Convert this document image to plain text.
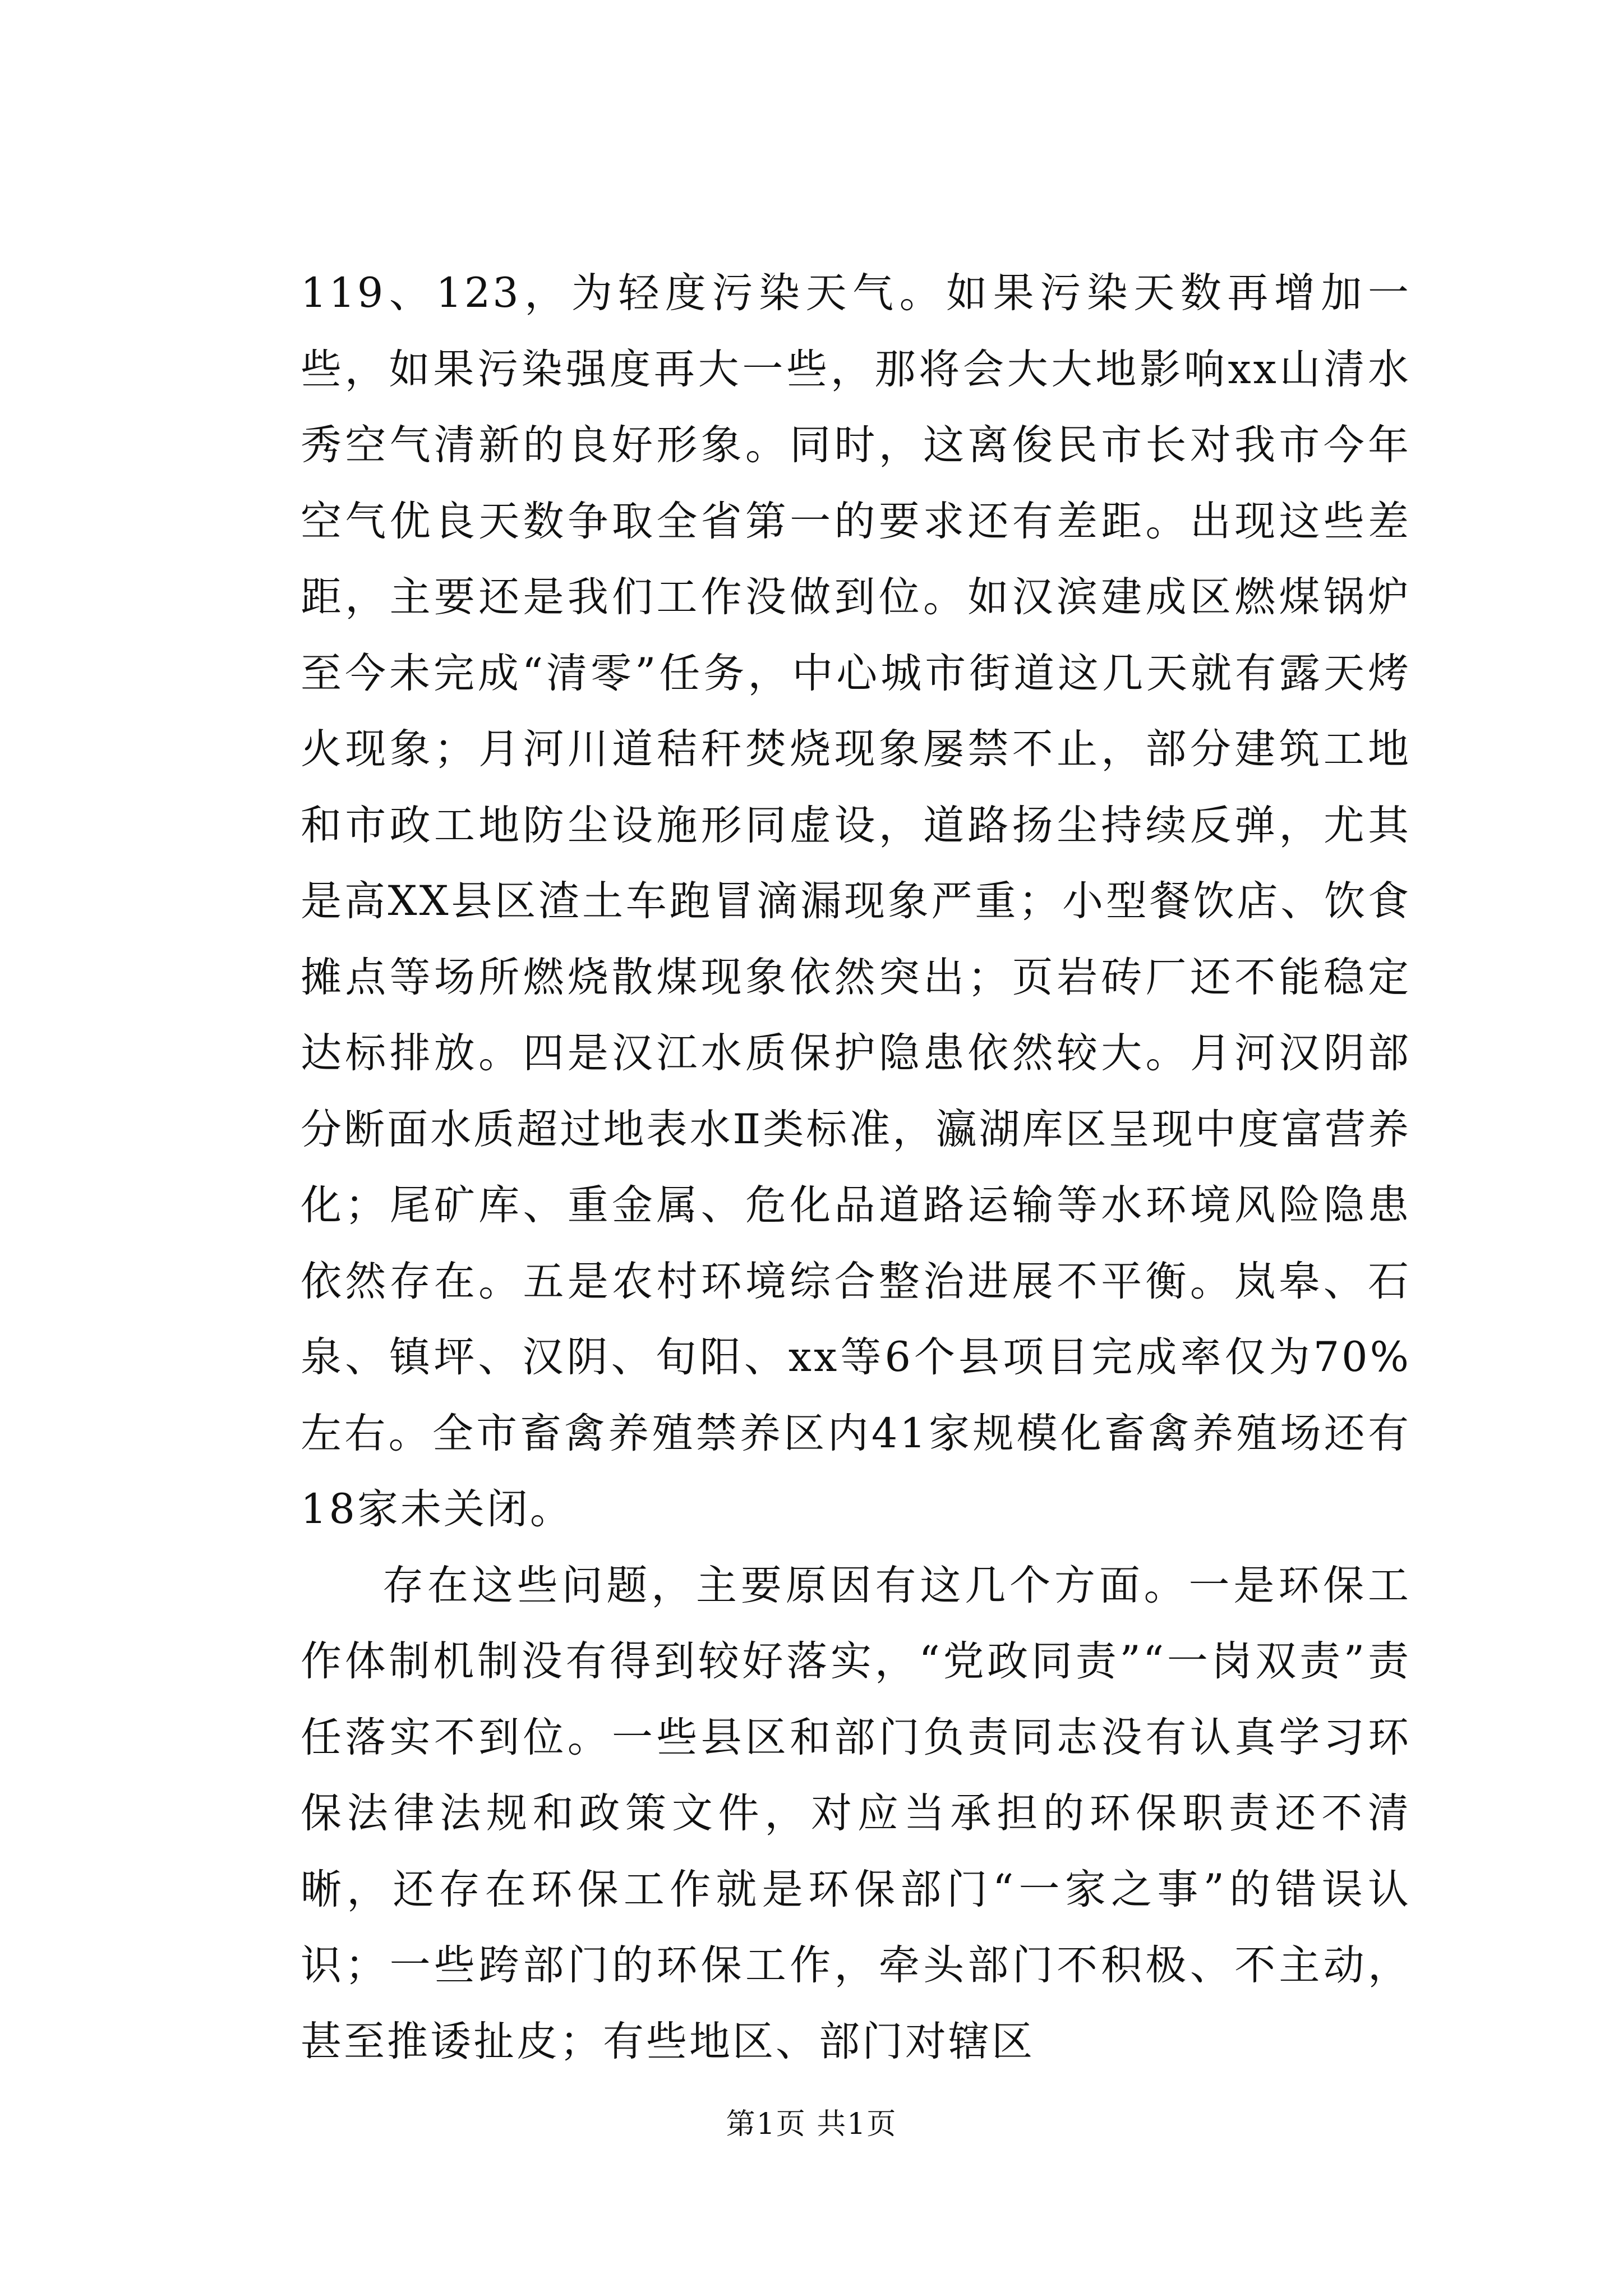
119、123，为轻度污染天气。如果污染天数再增加一些，如果污染强度再大一些，那将会大大地影响xx山清水秀空气清新的良好形象。同时，这离俊民市长对我市今年空气优良天数争取全省第一的要求还有差距。出现这些差距，主要还是我们工作没做到位。如汉滨建成区燃煤锅炉至今未完成“清零”任务，中心城市街道这几天就有露天烤火现象；月河川道秸秆焚烧现象屡禁不止，部分建筑工地和市政工地防尘设施形同虚设，道路扬尘持续反弹，尤其是高XX县区渣土车跑冒滴漏现象严重；小型餐饮店、饮食摊点等场所燃烧散煤现象依然突出；页岩砖厂还不能稳定达标排放。四是汉江水质保护隐患依然较大。月河汉阴部分断面水质超过地表水Ⅱ类标准，瀛湖库区呈现中度富营养化；尾矿库、重金属、危化品道路运输等水环境风险隐患依然存在。五是农村环境综合整治进展不平衡。岚皋、石泉、镇坪、汉阴、旬阳、xx等6个县项目完成率仅为70%左右。全市畜禽养殖禁养区内41家规模化畜禽养殖场还有18家未关闭。

存在这些问题，主要原因有这几个方面。一是环保工作体制机制没有得到较好落实，“党政同责”“一岗双责”责任落实不到位。一些县区和部门负责同志没有认真学习环保法律法规和政策文件，对应当承担的环保职责还不清晰，还存在环保工作就是环保部门“一家之事”的错误认识；一些跨部门的环保工作，牵头部门不积极、不主动，甚至推诿扯皮；有些地区、部门对辖区

第1页 共1页
